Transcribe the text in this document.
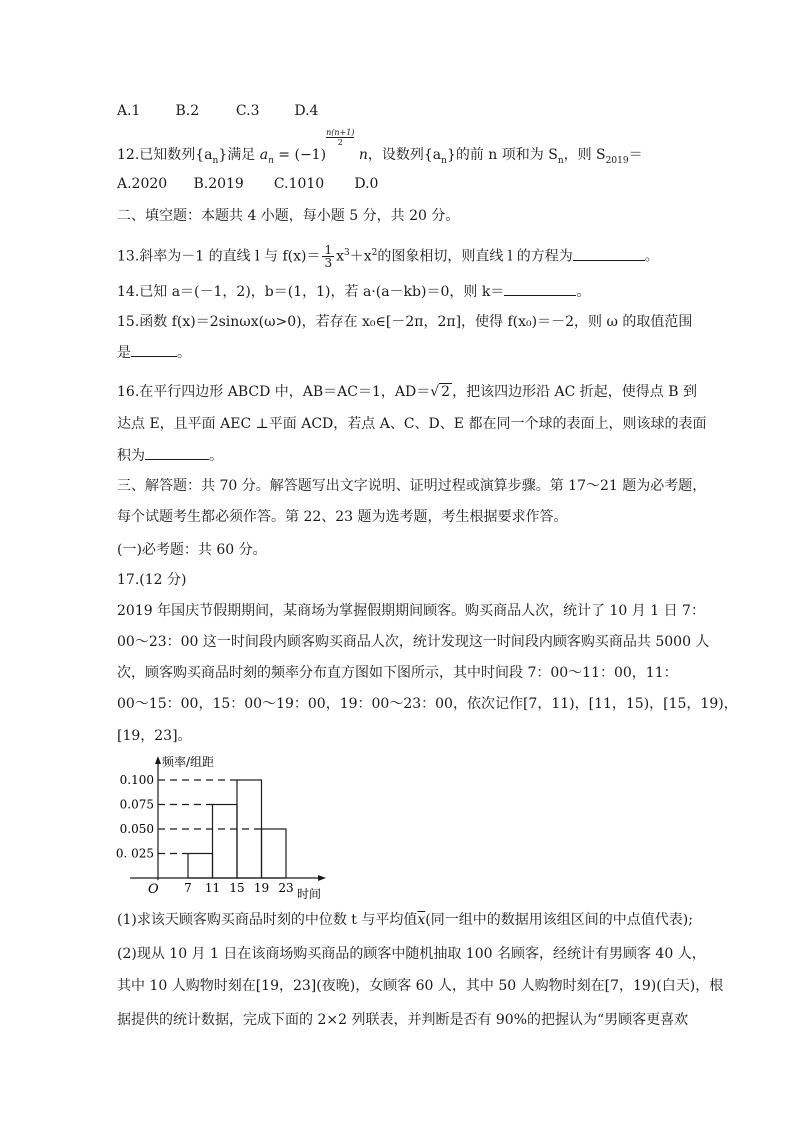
A.1 B.2	C.3 D.4
12.已知数列$\{a_n\}$满足 $a_n = (-1)$
$\frac{n(n+1)}{2}$
n，设数列$\{a_n\}$的前 n 项和为 $S_n$，则 $S_{2019}=$
A.2020 B.2019 C.1010 D.0
二、填空题：本题共 4 小题，每小题 5 分，共 20 分。
13.斜率为－1 的直线 l 与 $f(x)= \frac{1}{3} x^3+x^2$的图象相切，则直线 l 的方程为	。
14.已知 a＝(－1，2)，b＝(1，1)，若 a·(a－kb)＝0，则 k＝	。
15.函数 f(x)＝2sinωx(ω>0)，若存在 x₀∈[－2π，2π]，使得 f(x₀)＝－2，则 ω 的取值范围
是	。
16.在平行四边形 ABCD 中，AB＝AC＝1，AD＝√ 2 ，把该四边形沿 AC 折起，使得点 B 到
达点 E，且平面 AEC ⊥平面 ACD，若点 A、C、D、E 都在同一个球的表面上，则该球的表面
积为	。
三、解答题：共 70 分。解答题写出文字说明、证明过程或演算步骤。第 17～21 题为必考题，
每个试题考生都必须作答。第 22、23 题为选考题，考生根据要求作答。
(一)必考题：共 60 分。
17.(12 分)
2019 年国庆节假期期间，某商场为掌握假期期间顾客。购买商品人次，统计了 10 月 1 日 7：
00～23：00 这一时间段内顾客购买商品人次，统计发现这一时间段内顾客购买商品共 5000 人
次，顾客购买商品时刻的频率分布直方图如下图所示，其中时间段 7：00～11：00，11：
00～15：00，15：00～19：00，19：00～23：00，依次记作[7，11)，[11，15)，[15，19)，
[19，23]。
频率/组距
时间
O 7 11 15 19 23
0.100
0.075
0.050
0. 025
(1)求该天顾客购买商品时刻的中位数 t 与平均值$\overline{x}$(同一组中的数据用该组区间的中点值代表);
(2)现从 10 月 1 日在该商场购买商品的顾客中随机抽取 100 名顾客，经统计有男顾客 40 人，
其中 10 人购物时刻在[19，23](夜晚)，女顾客 60 人，其中 50 人购物时刻在[7，19)(白天)，根
据提供的统计数据，完成下面的 2×2 列联表，并判断是否有 90%的把握认为“男顾客更喜欢
